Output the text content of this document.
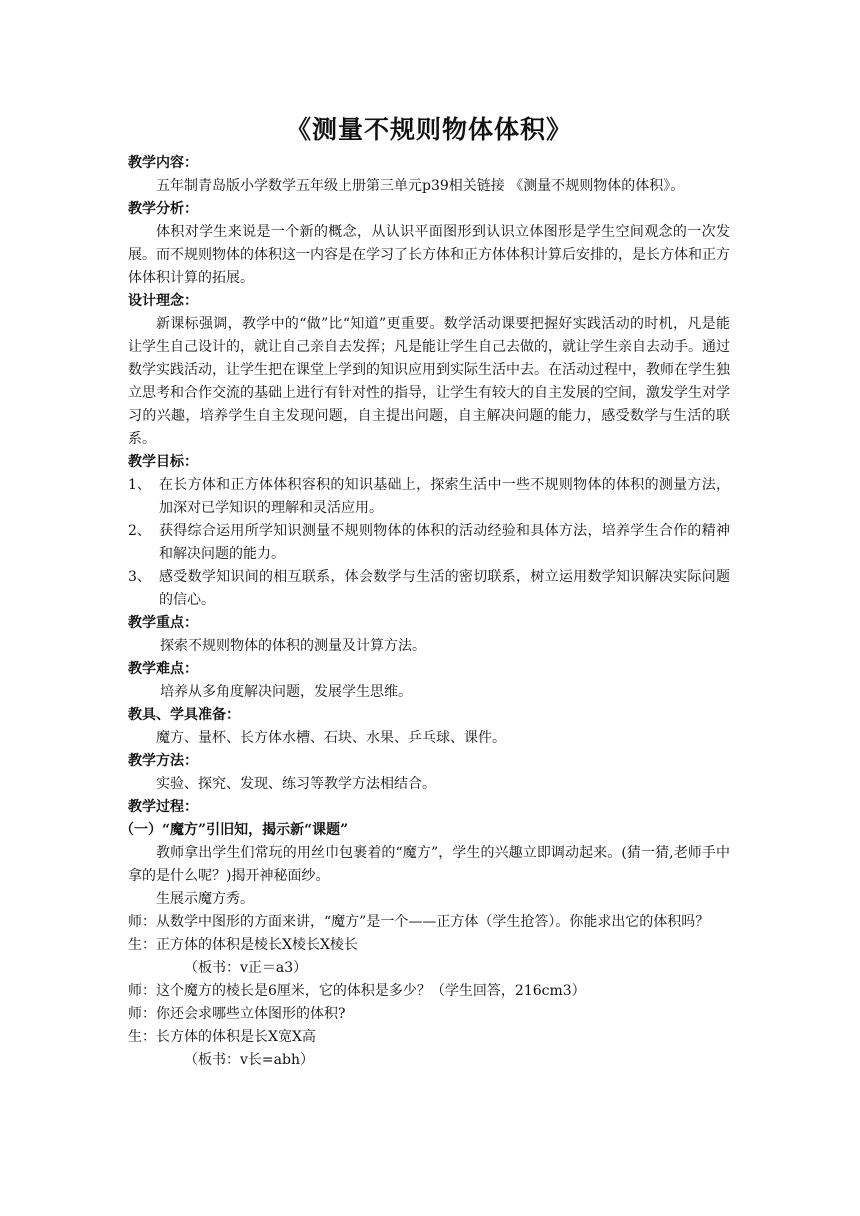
《测量不规则物体体积》
教学内容：
五年制青岛版小学数学五年级上册第三单元p39相关链接 《测量不规则物体的体积》。
教学分析：
体积对学生来说是一个新的概念，从认识平面图形到认识立体图形是学生空间观念的一次发展。而不规则物体的体积这一内容是在学习了长方体和正方体体积计算后安排的，是长方体和正方体体积计算的拓展。
设计理念：
新课标强调，教学中的“做”比“知道”更重要。数学活动课要把握好实践活动的时机，凡是能让学生自己设计的，就让自己亲自去发挥；凡是能让学生自己去做的，就让学生亲自去动手。通过数学实践活动，让学生把在课堂上学到的知识应用到实际生活中去。在活动过程中，教师在学生独立思考和合作交流的基础上进行有针对性的指导，让学生有较大的自主发展的空间，激发学生对学习的兴趣，培养学生自主发现问题，自主提出问题，自主解决问题的能力，感受数学与生活的联系。
教学目标：
1、 在长方体和正方体体积容积的知识基础上，探索生活中一些不规则物体的体积的测量方法，加深对已学知识的理解和灵活应用。
2、 获得综合运用所学知识测量不规则物体的体积的活动经验和具体方法，培养学生合作的精神和解决问题的能力。
3、 感受数学知识间的相互联系，体会数学与生活的密切联系，树立运用数学知识解决实际问题的信心。
教学重点：
探索不规则物体的体积的测量及计算方法。
教学难点：
培养从多角度解决问题，发展学生思维。
教具、学具准备：
魔方、量杯、长方体水槽、石块、水果、乒乓球、课件。
教学方法：
实验、探究、发现、练习等教学方法相结合。
教学过程：
（一）“魔方”引旧知，揭示新“课题”
教师拿出学生们常玩的用丝巾包裹着的“魔方”，学生的兴趣立即调动起来。(猜一猜,老师手中拿的是什么呢？)揭开神秘面纱。
生展示魔方秀。
师：从数学中图形的方面来讲，“魔方”是一个——正方体（学生抢答）。你能求出它的体积吗？
生：正方体的体积是棱长X棱长X棱长
（板书：v正＝a3）
师：这个魔方的棱长是6厘米，它的体积是多少？（学生回答，216cm3）
师：你还会求哪些立体图形的体积?
生：长方体的体积是长X宽X高
（板书：v长=abh）
